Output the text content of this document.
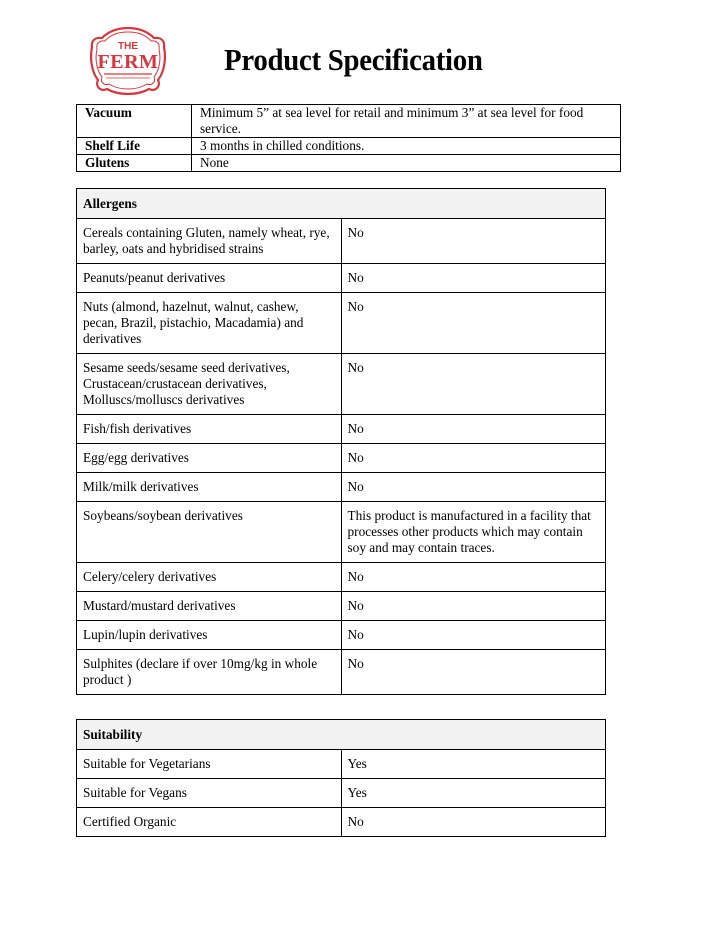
THE
FERM Product Specification
Vacuum	Minimum 5” at sea level for retail and minimum 3” at sea level for food service.
Shelf Life	3 months in chilled conditions.
Glutens	None
Allergens	
Cereals containing Gluten, namely wheat, rye, barley, oats and hybridised strains	No
Peanuts/peanut derivatives	No
Nuts (almond, hazelnut, walnut, cashew, pecan, Brazil, pistachio, Macadamia) and derivatives	No
Sesame seeds/sesame seed derivatives, Crustacean/crustacean derivatives, Molluscs/molluscs derivatives	No
Fish/fish derivatives	No
Egg/egg derivatives	No
Milk/milk derivatives	No
Soybeans/soybean derivatives	This product is manufactured in a facility that processes other products which may contain soy and may contain traces.
Celery/celery derivatives	No
Mustard/mustard derivatives	No
Lupin/lupin derivatives	No
Sulphites (declare if over 10mg/kg in whole product )	No
Suitability	
Suitable for Vegetarians	Yes
Suitable for Vegans	Yes
Certified Organic	No
